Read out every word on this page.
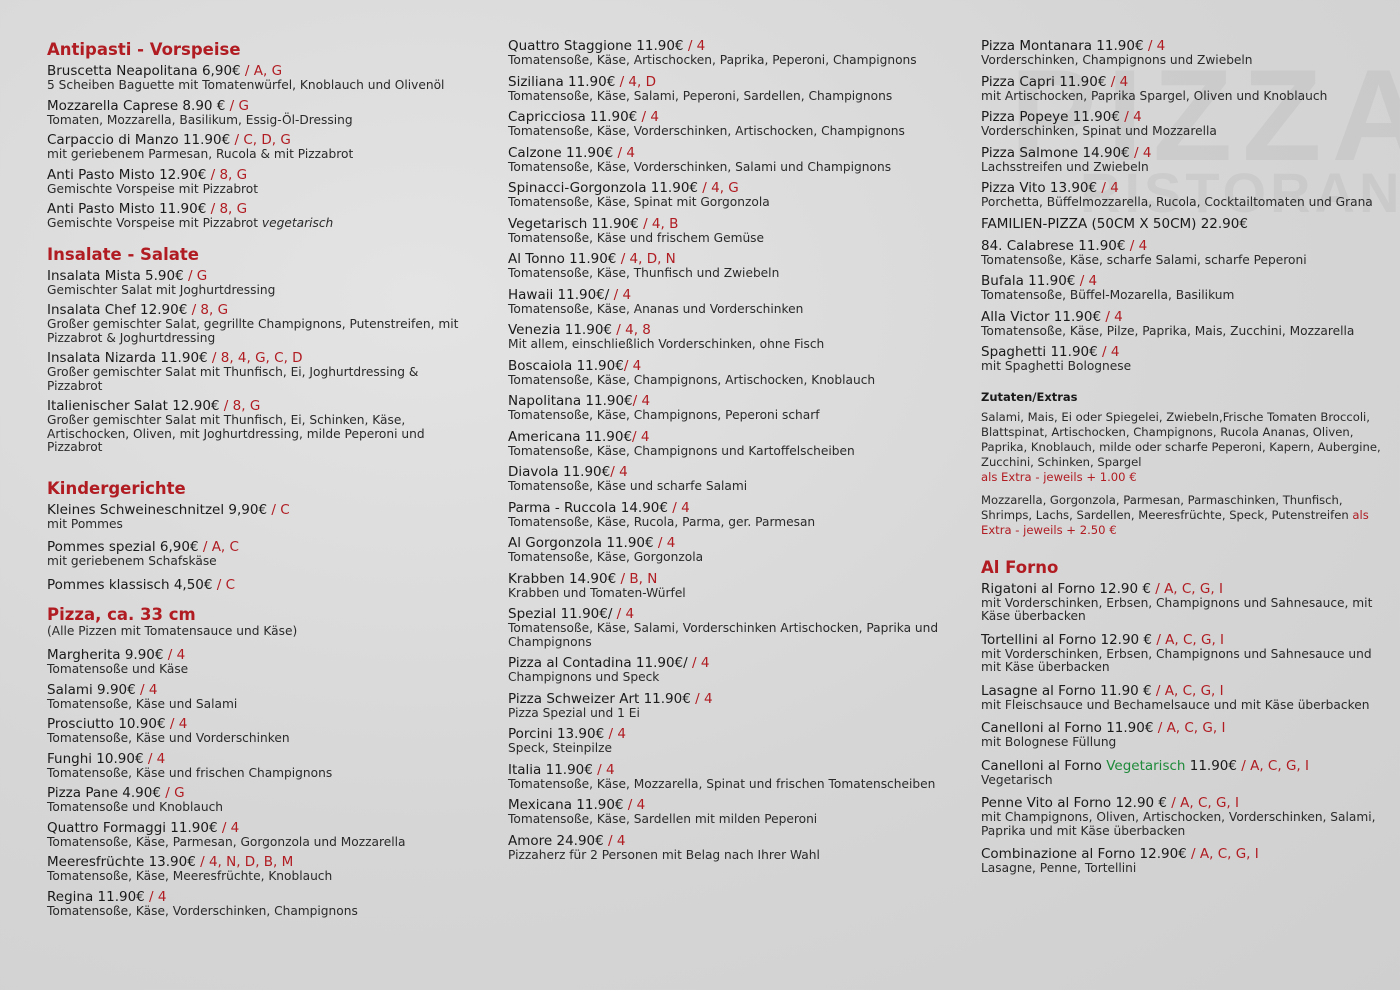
Antipasti - Vorspeise
Bruscetta Neapolitana 6,90€ / A, G
5 Scheiben Baguette mit Tomatenwürfel, Knoblauch und Olivenöl
Mozzarella Caprese 8.90 € / G
Tomaten, Mozzarella, Basilikum, Essig-Öl-Dressing
Carpaccio di Manzo 11.90€ / C, D, G
mit geriebenem Parmesan, Rucola & mit Pizzabrot
Anti Pasto Misto 12.90€ / 8, G
Gemischte Vorspeise mit Pizzabrot
Anti Pasto Misto 11.90€ / 8, G
Gemischte Vorspeise mit Pizzabrot vegetarisch
Insalate - Salate
Insalata Mista 5.90€ / G
Gemischter Salat mit Joghurtdressing
Insalata Chef 12.90€ / 8, G
Großer gemischter Salat, gegrillte Champignons, Putenstreifen, mit Pizzabrot & Joghurtdressing
Insalata Nizarda 11.90€ / 8, 4, G, C, D
Großer gemischter Salat mit Thunfisch, Ei, Joghurtdressing & Pizzabrot
Italienischer Salat 12.90€ / 8, G
Großer gemischter Salat mit Thunfisch, Ei, Schinken, Käse, Artischocken, Oliven, mit Joghurtdressing, milde Peperoni und Pizzabrot
Kindergerichte
Kleines Schweineschnitzel 9,90€ / C
mit Pommes
Pommes spezial 6,90€ / A, C
mit geriebenem Schafskäse
Pommes klassisch 4,50€ / C
Pizza, ca. 33 cm
(Alle Pizzen mit Tomatensauce und Käse)
Margherita 9.90€ / 4
Tomatensoße und Käse
Salami 9.90€ / 4
Tomatensoße, Käse und Salami
Prosciutto 10.90€ / 4
Tomatensoße, Käse und Vorderschinken
Funghi 10.90€ / 4
Tomatensoße, Käse und frischen Champignons
Pizza Pane 4.90€ / G
Tomatensoße und Knoblauch
Quattro Formaggi 11.90€ / 4
Tomatensoße, Käse, Parmesan, Gorgonzola und Mozzarella
Meeresfrüchte 13.90€ / 4, N, D, B, M
Tomatensoße, Käse, Meeresfrüchte, Knoblauch
Regina 11.90€ / 4
Tomatensoße, Käse, Vorderschinken, Champignons
Quattro Staggione 11.90€ / 4
Tomatensoße, Käse, Artischocken, Paprika, Peperoni, Champignons
Siziliana 11.90€ / 4, D
Tomatensoße, Käse, Salami, Peperoni, Sardellen, Champignons
Capricciosa 11.90€ / 4
Tomatensoße, Käse, Vorderschinken, Artischocken, Champignons
Calzone 11.90€ / 4
Tomatensoße, Käse, Vorderschinken, Salami und Champignons
Spinacci-Gorgonzola 11.90€ / 4, G
Tomatensoße, Käse, Spinat mit Gorgonzola
Vegetarisch 11.90€ / 4, B
Tomatensoße, Käse und frischem Gemüse
Al Tonno 11.90€ / 4, D, N
Tomatensoße, Käse, Thunfisch und Zwiebeln
Hawaii 11.90€/ / 4
Tomatensoße, Käse, Ananas und Vorderschinken
Venezia 11.90€ / 4, 8
Mit allem, einschließlich Vorderschinken, ohne Fisch
Boscaiola 11.90€/ 4
Tomatensoße, Käse, Champignons, Artischocken, Knoblauch
Napolitana 11.90€/ 4
Tomatensoße, Käse, Champignons, Peperoni scharf
Americana 11.90€/ 4
Tomatensoße, Käse, Champignons und Kartoffelscheiben
Diavola 11.90€/ 4
Tomatensoße, Käse und scharfe Salami
Parma - Ruccola 14.90€ / 4
Tomatensoße, Käse, Rucola, Parma, ger. Parmesan
Al Gorgonzola 11.90€ / 4
Tomatensoße, Käse, Gorgonzola
Krabben 14.90€ / B, N
Krabben und Tomaten-Würfel
Spezial 11.90€/ / 4
Tomatensoße, Käse, Salami, Vorderschinken Artischocken, Paprika und Champignons
Pizza al Contadina 11.90€/ / 4
Champignons und Speck
Pizza Schweizer Art 11.90€ / 4
Pizza Spezial und 1 Ei
Porcini 13.90€ / 4
Speck, Steinpilze
Italia 11.90€ / 4
Tomatensoße, Käse, Mozzarella, Spinat und frischen Tomatenscheiben
Mexicana 11.90€ / 4
Tomatensoße, Käse, Sardellen mit milden Peperoni
Amore 24.90€ / 4
Pizzaherz für 2 Personen mit Belag nach Ihrer Wahl
Pizza Montanara 11.90€ / 4
Vorderschinken, Champignons und Zwiebeln
Pizza Capri 11.90€ / 4
mit Artischocken, Paprika Spargel, Oliven und Knoblauch
Pizza Popeye 11.90€ / 4
Vorderschinken, Spinat und Mozzarella
Pizza Salmone 14.90€ / 4
Lachsstreifen und Zwiebeln
Pizza Vito 13.90€ / 4
Porchetta, Büffelmozzarella, Rucola, Cocktailtomaten und Grana
FAMILIEN-PIZZA (50CM X 50CM) 22.90€
84. Calabrese 11.90€ / 4
Tomatensoße, Käse, scharfe Salami, scharfe Peperoni
Bufala 11.90€ / 4
Tomatensoße, Büffel-Mozarella, Basilikum
Alla Victor 11.90€ / 4
Tomatensoße, Käse, Pilze, Paprika, Mais, Zucchini, Mozzarella
Spaghetti 11.90€ / 4
mit Spaghetti Bolognese
Zutaten/Extras
Salami, Mais, Ei oder Spiegelei, Zwiebeln,Frische Tomaten Broccoli, Blattspinat, Artischocken, Champignons, Rucola Ananas, Oliven, Paprika, Knoblauch, milde oder scharfe Peperoni, Kapern, Aubergine, Zucchini, Schinken, Spargel
als Extra - jeweils + 1.00 €
Mozzarella, Gorgonzola, Parmesan, Parmaschinken, Thunfisch, Shrimps, Lachs, Sardellen, Meeresfrüchte, Speck, Putenstreifen als Extra - jeweils + 2.50 €
Al Forno
Rigatoni al Forno 12.90 € / A, C, G, I
mit Vorderschinken, Erbsen, Champignons und Sahnesauce, mit Käse überbacken
Tortellini al Forno 12.90 € / A, C, G, I
mit Vorderschinken, Erbsen, Champignons und Sahnesauce und mit Käse überbacken
Lasagne al Forno 11.90 € / A, C, G, I
mit Fleischsauce und Bechamelsauce und mit Käse überbacken
Canelloni al Forno 11.90€ / A, C, G, I
mit Bolognese Füllung
Canelloni al Forno Vegetarisch 11.90€ / A, C, G, I
Vegetarisch
Penne Vito al Forno 12.90 € / A, C, G, I
mit Champignons, Oliven, Artischocken, Vorderschinken, Salami, Paprika und mit Käse überbacken
Combinazione al Forno 12.90€ / A, C, G, I
Lasagne, Penne, Tortellini
